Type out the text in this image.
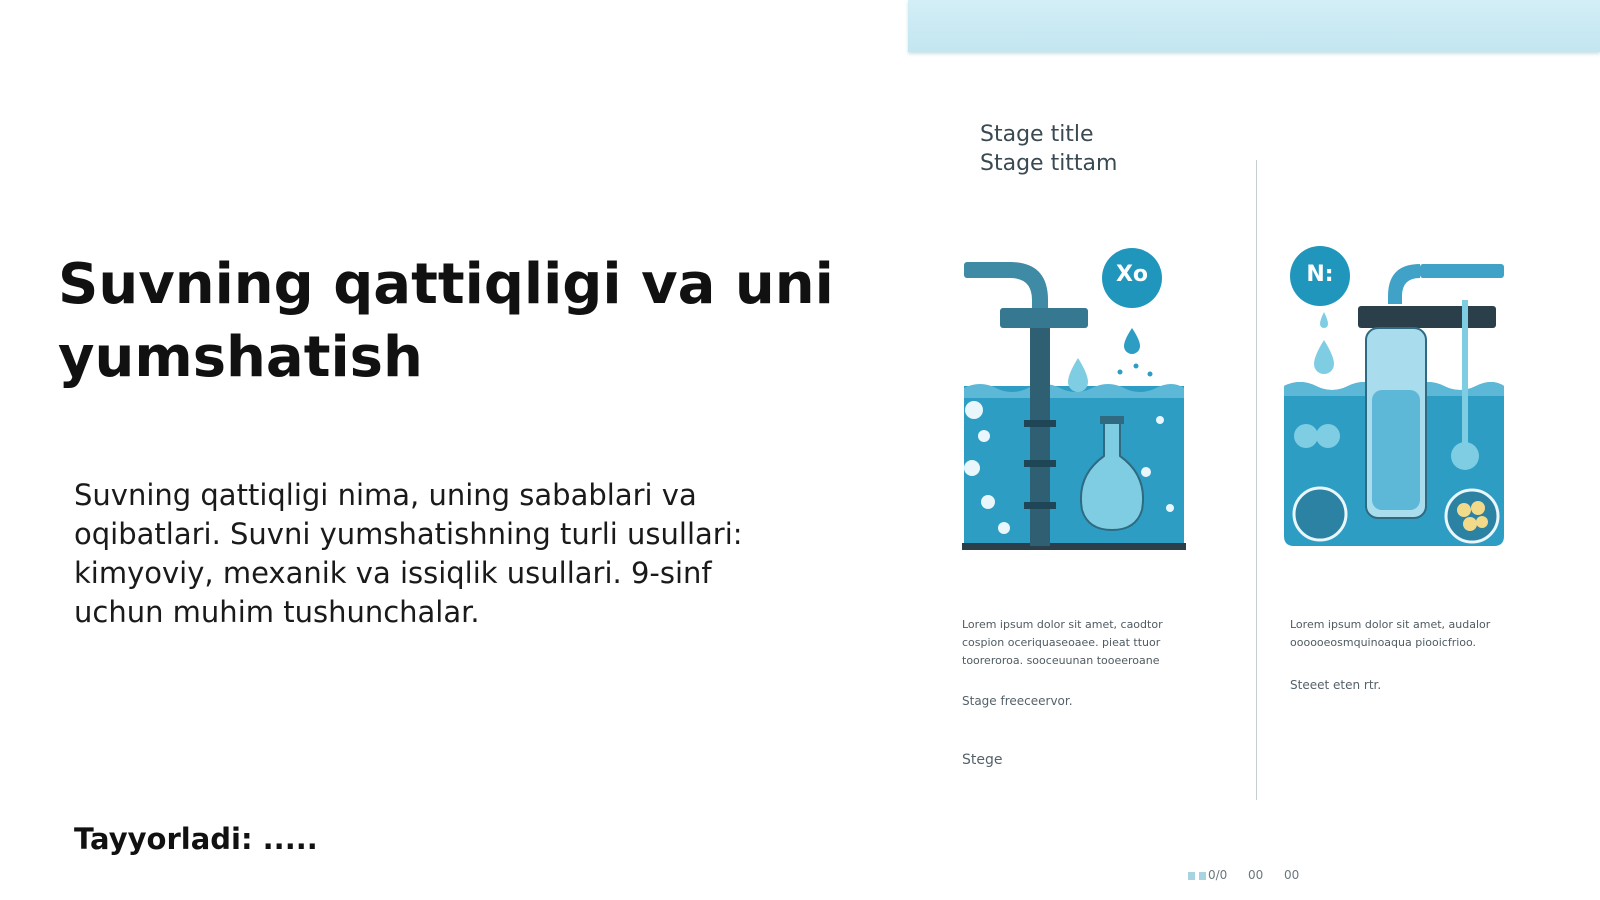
Suvning qattiqligi va uni yumshatish

Suvning qattiqligi nima, uning sabablari va oqibatlari. Suvni yumshatishning turli usullari: kimyoviy, mexanik va issiqlik usullari. 9-sinf uchun muhim tushunchalar.

Tayyorladi: .....

Stage title
Stage tittam
Xo	N:
Lorem ipsum dolor sit amet, caodtor cospion oceriquaseoaee. pieat ttuor tooreroroa. sooceuunan tooeeroane
Stage freeceervor.
Stege
Lorem ipsum dolor sit amet, audalor oooooeosmquinoaqua piooicfrioo.
Steeet eten rtr.
0/0 00 00
